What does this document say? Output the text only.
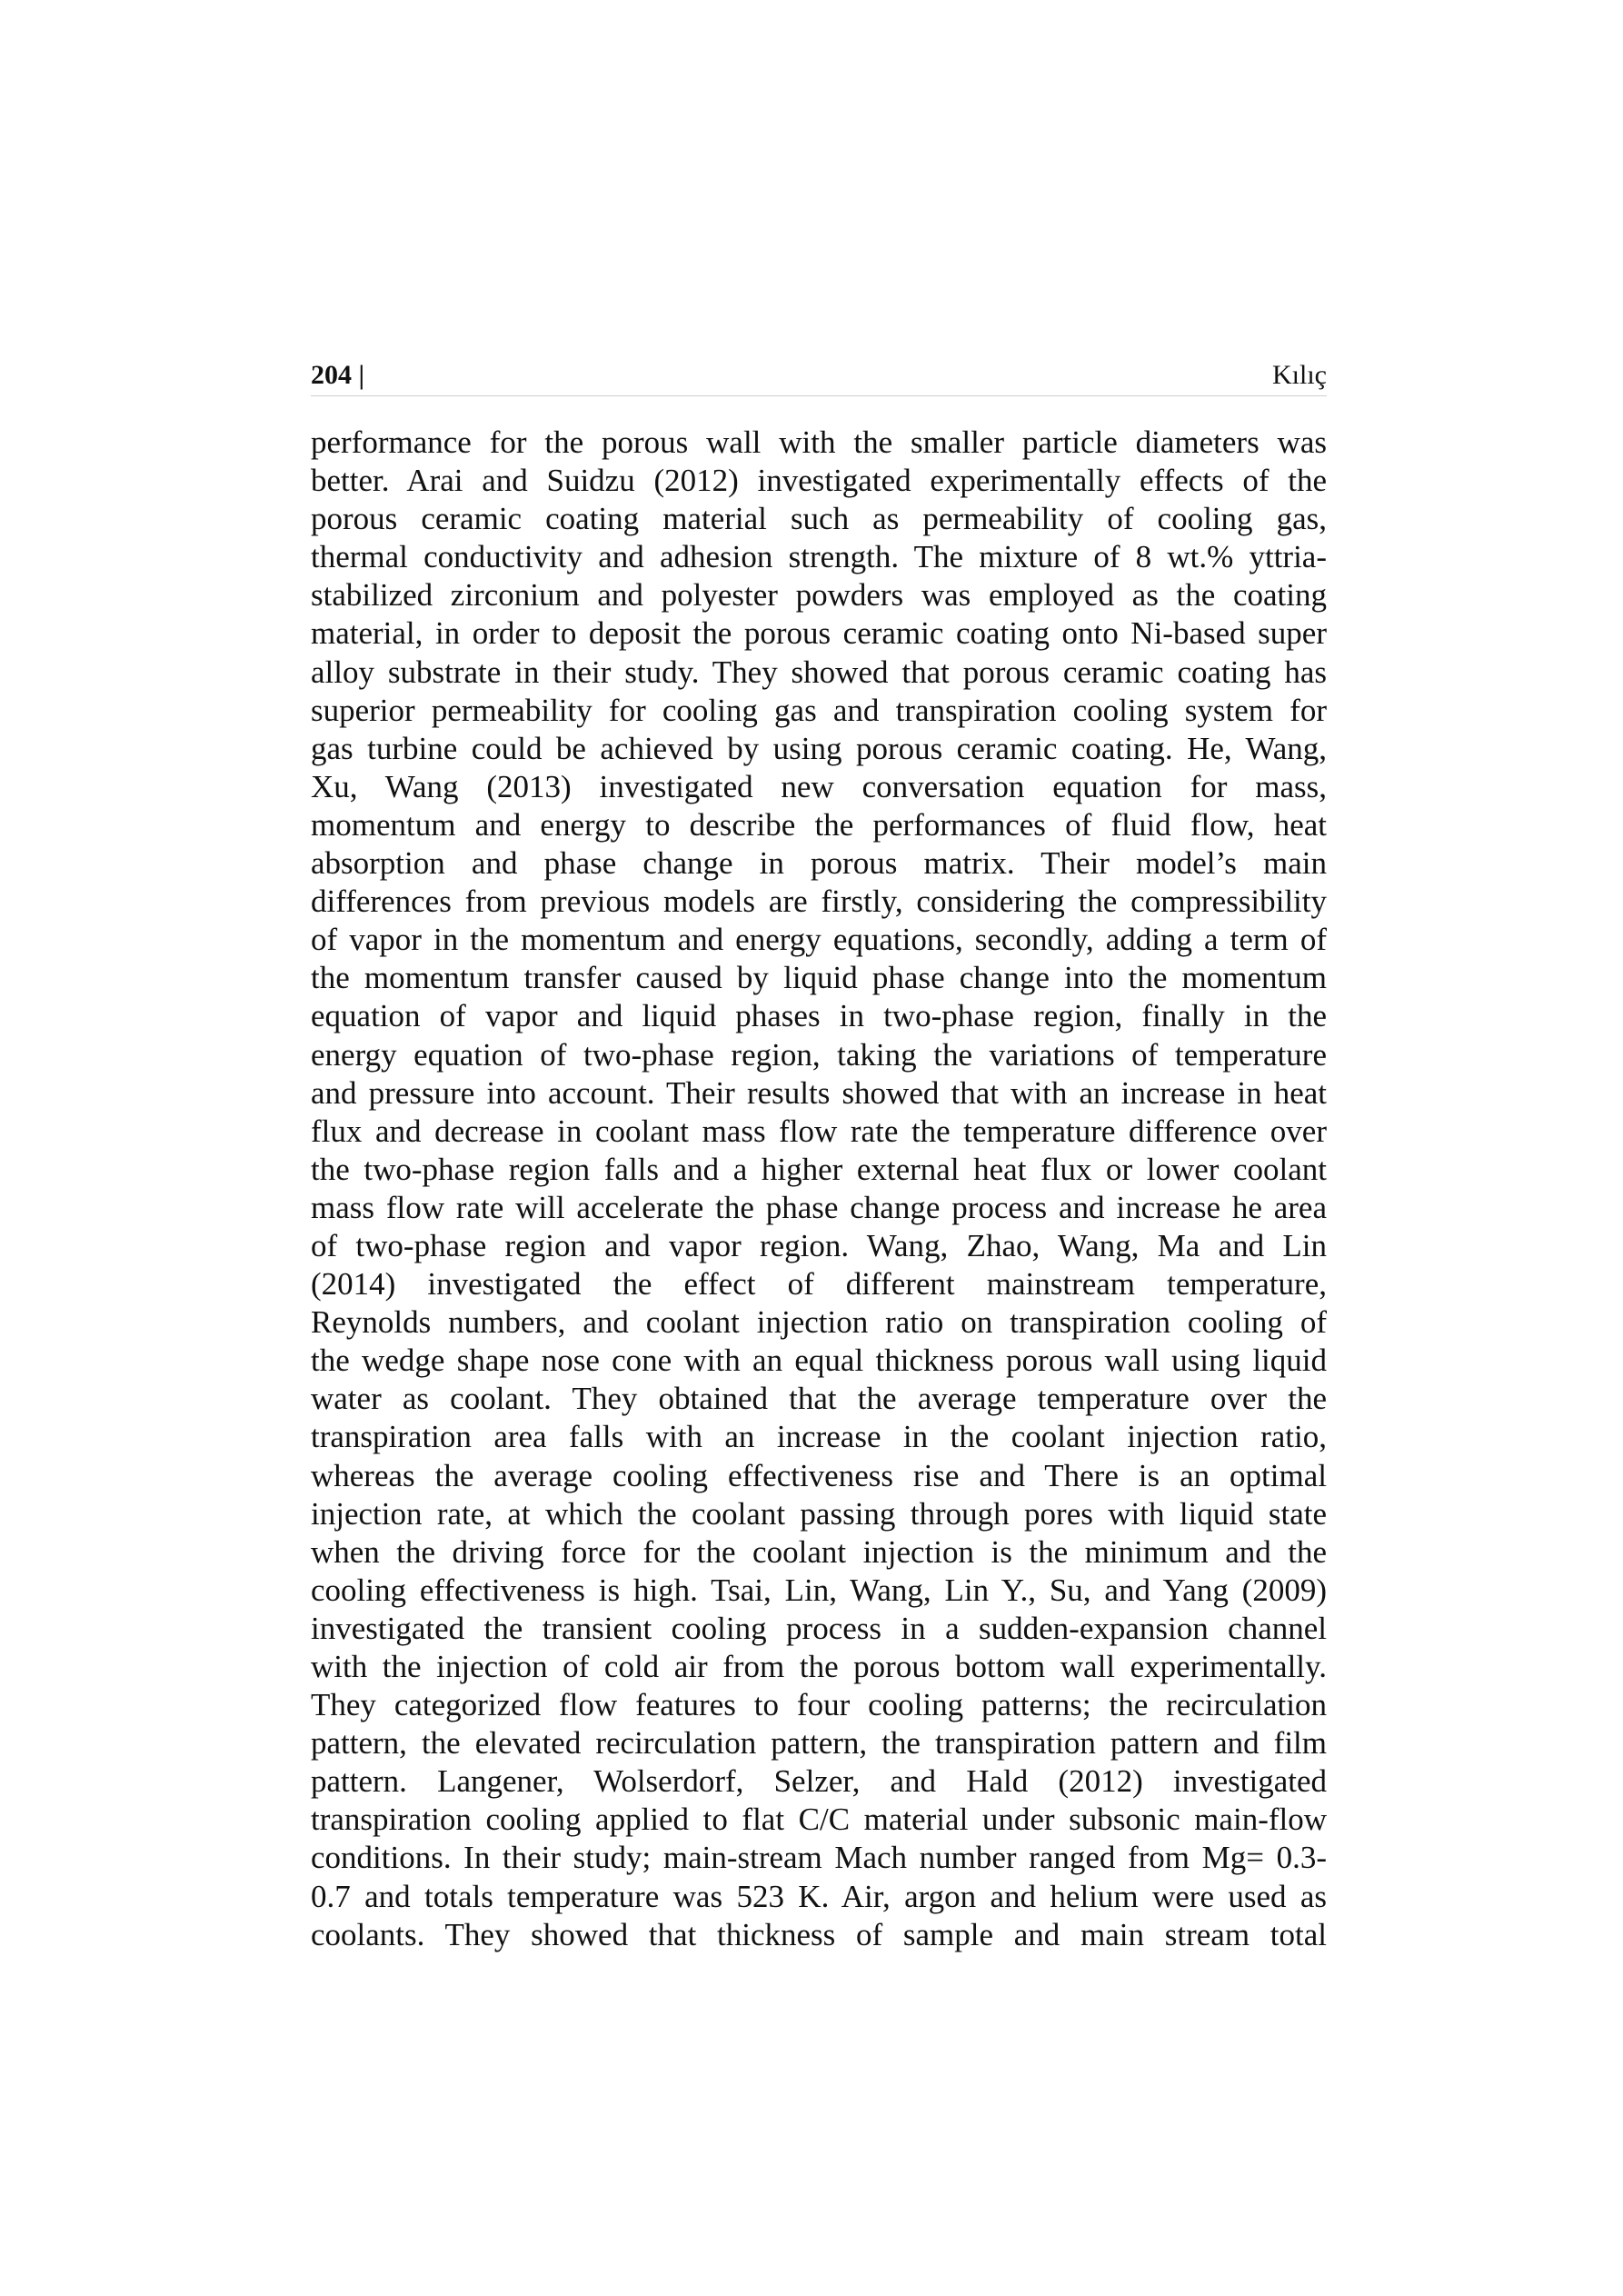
204 |	Kılıç
performance for the porous wall with the smaller particle diameters was
better. Arai and Suidzu (2012) investigated experimentally effects of the
porous ceramic coating material such as permeability of cooling gas,
thermal conductivity and adhesion strength. The mixture of 8 wt.% yttria-
stabilized zirconium and polyester powders was employed as the coating
material, in order to deposit the porous ceramic coating onto Ni-based super
alloy substrate in their study. They showed that porous ceramic coating has
superior permeability for cooling gas and transpiration cooling system for
gas turbine could be achieved by using porous ceramic coating. He, Wang,
Xu, Wang (2013) investigated new conversation equation for mass,
momentum and energy to describe the performances of fluid flow, heat
absorption and phase change in porous matrix. Their model’s main
differences from previous models are firstly, considering the compressibility
of vapor in the momentum and energy equations, secondly, adding a term of
the momentum transfer caused by liquid phase change into the momentum
equation of vapor and liquid phases in two-phase region, finally in the
energy equation of two-phase region, taking the variations of temperature
and pressure into account. Their results showed that with an increase in heat
flux and decrease in coolant mass flow rate the temperature difference over
the two-phase region falls and a higher external heat flux or lower coolant
mass flow rate will accelerate the phase change process and increase he area
of two-phase region and vapor region. Wang, Zhao, Wang, Ma and Lin
(2014) investigated the effect of different mainstream temperature,
Reynolds numbers, and coolant injection ratio on transpiration cooling of
the wedge shape nose cone with an equal thickness porous wall using liquid
water as coolant. They obtained that the average temperature over the
transpiration area falls with an increase in the coolant injection ratio,
whereas the average cooling effectiveness rise and There is an optimal
injection rate, at which the coolant passing through pores with liquid state
when the driving force for the coolant injection is the minimum and the
cooling effectiveness is high. Tsai, Lin, Wang, Lin Y., Su, and Yang (2009)
investigated the transient cooling process in a sudden-expansion channel
with the injection of cold air from the porous bottom wall experimentally.
They categorized flow features to four cooling patterns; the recirculation
pattern, the elevated recirculation pattern, the transpiration pattern and film
pattern. Langener, Wolserdorf, Selzer, and Hald (2012) investigated
transpiration cooling applied to flat C/C material under subsonic main-flow
conditions. In their study; main-stream Mach number ranged from Mg= 0.3-
0.7 and totals temperature was 523 K. Air, argon and helium were used as
coolants. They showed that thickness of sample and main stream total
